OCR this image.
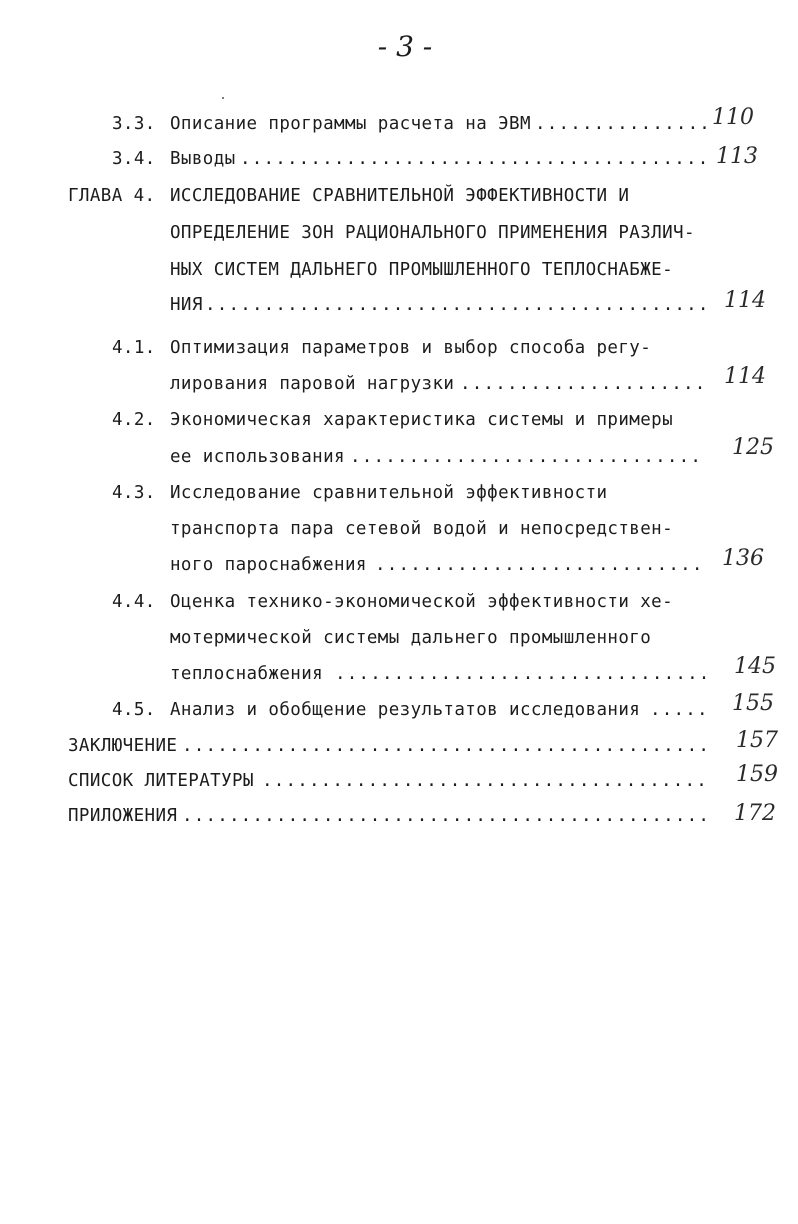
- 3 -
3.3. Описание программы расчета на ЭВМ .....	110
3.4. Выводы .....	113
ГЛАВА 4. ИССЛЕДОВАНИЕ СРАВНИТЕЛЬНОЙ ЭФФЕКТИВНОСТИ И
ОПРЕДЕЛЕНИЕ ЗОН РАЦИОНАЛЬНОГО ПРИМЕНЕНИЯ РАЗЛИЧ-
НЫХ СИСТЕМ ДАЛЬНЕГО ПРОМЫШЛЕННОГО ТЕПЛОСНАБЖЕ-
НИЯ .....	114
4.1. Оптимизация параметров и выбор способа регу-
лирования паровой нагрузки .....	114
4.2. Экономическая характеристика системы и примеры
ее использования .....	125
4.3. Исследование сравнительной эффективности
транспорта пара сетевой водой и непосредствен-
ного пароснабжения .....	136
4.4. Оценка технико-экономической эффективности хе-
мотермической системы дальнего промышленного
теплоснабжения .....	145
4.5. Анализ и обобщение результатов исследования .....	155
ЗАКЛЮЧЕНИЕ .....	157
СПИСОК ЛИТЕРАТУРЫ .....	159
ПРИЛОЖЕНИЯ .....	172
